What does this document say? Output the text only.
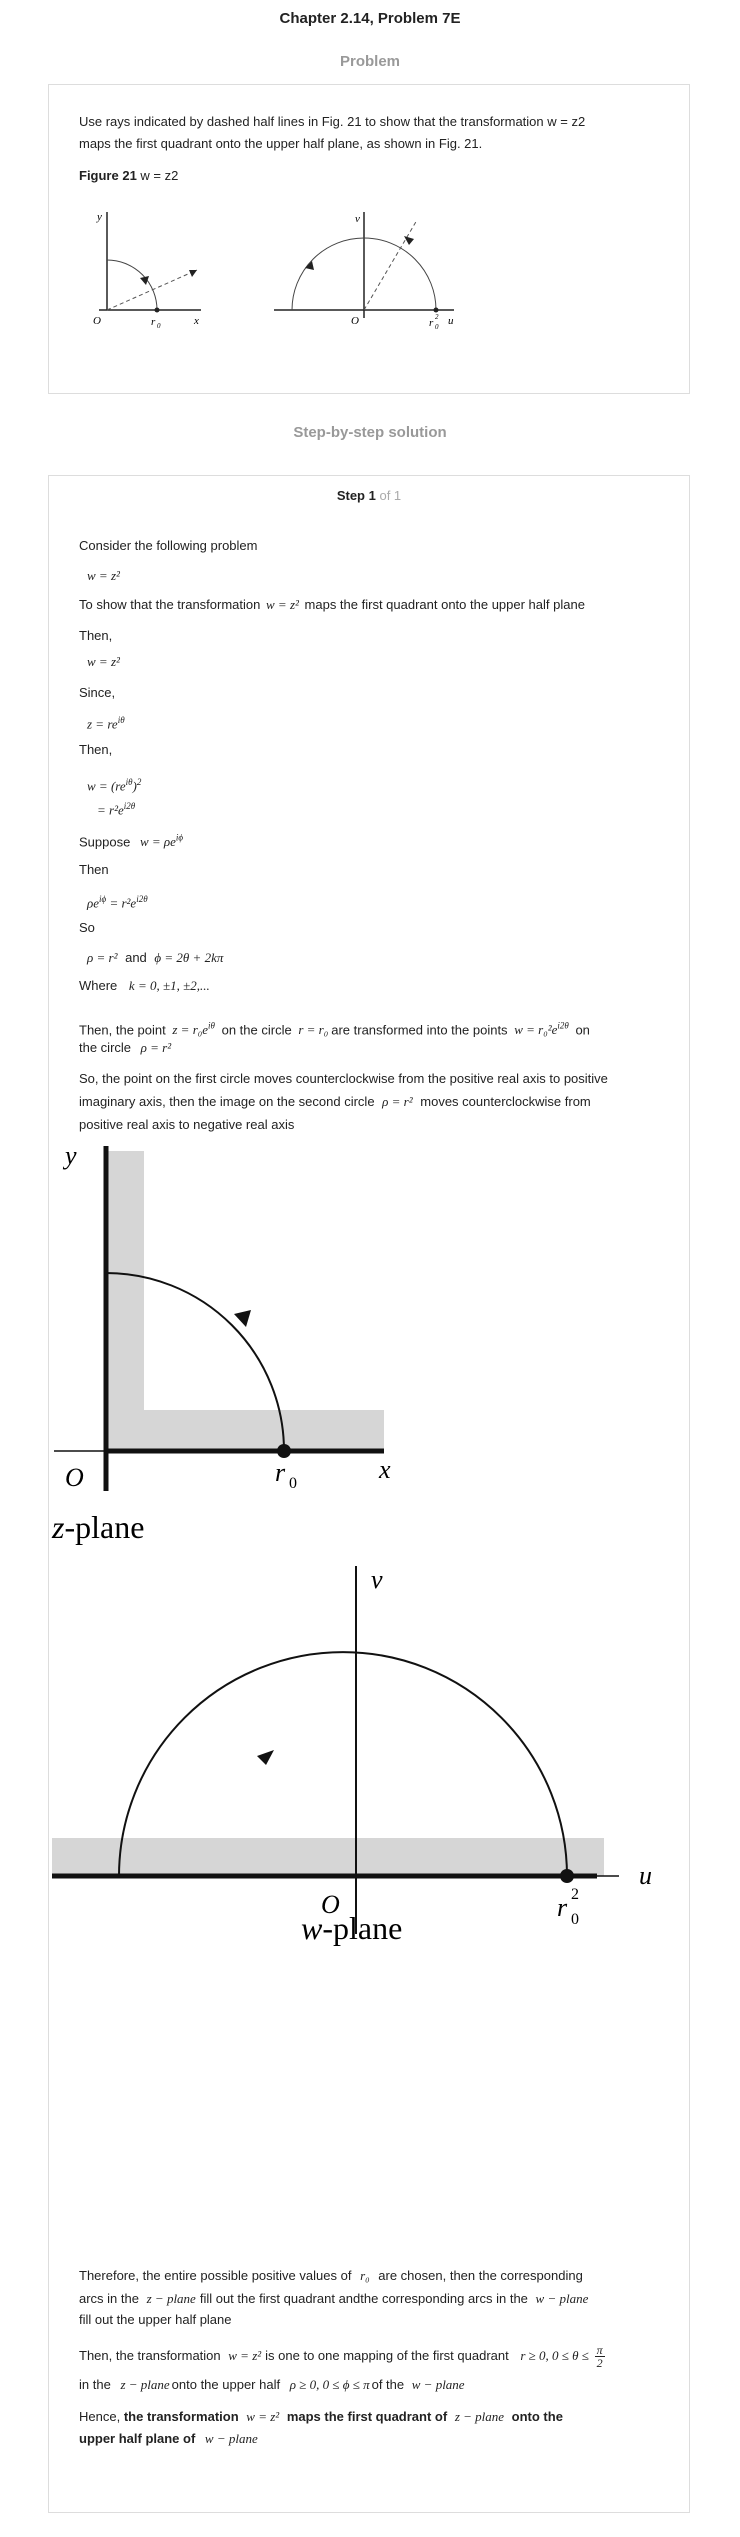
Chapter 2.14, Problem 7E
Problem
Use rays indicated by dashed half lines in Fig. 21 to show that the transformation w = z2
maps the first quadrant onto the upper half plane, as shown in Fig. 21.
Figure 21 w = z2
y
x
O	r 0
v
u
O	r 0
2
Step-by-step solution
Step 1 of 1
Consider the following problem
w = z²
To show that the transformation w = z² maps the first quadrant onto the upper half plane
Then,
w = z²
Since,
$z = re^{i\theta}$
Then,
$w = (re^{i\theta})^2$
= $r^2e^{i2\theta}$
Suppose $w = \rho e^{i\phi}$
Then
$\rho e^{i\phi} = r^2e^{i2\theta}$
So
ρ = r² and ϕ = 2θ + 2kπ
Where k = 0, ±1, ±2,...
Then, the point $z = r_0e^{i\theta}$ on the circle r = r₀ are transformed into the points $w = r_0^2e^{i2\theta}$ on
the circle ρ = r²
So, the point on the first circle moves counterclockwise from the positive real axis to positive
imaginary axis, then the image on the second circle ρ = r² moves counterclockwise from
positive real axis to negative real axis
y
x
O	r 0
z-plane
v
u
O	r 0
2
w-plane
Therefore, the entire possible positive values of r₀ are chosen, then the corresponding
arcs in the z − plane fill out the first quadrant andthe corresponding arcs in the w − plane
fill out the upper half plane
Then, the transformation w = z² is one to one mapping of the first quadrant r ≥ 0, $0 \le \theta \le \frac{\pi}{2}$
in the z − plane onto the upper half ρ ≥ 0, 0 ≤ ϕ ≤ π of the w − plane
Hence, the transformation w = z² maps the first quadrant of z − plane onto the
upper half plane of w − plane
